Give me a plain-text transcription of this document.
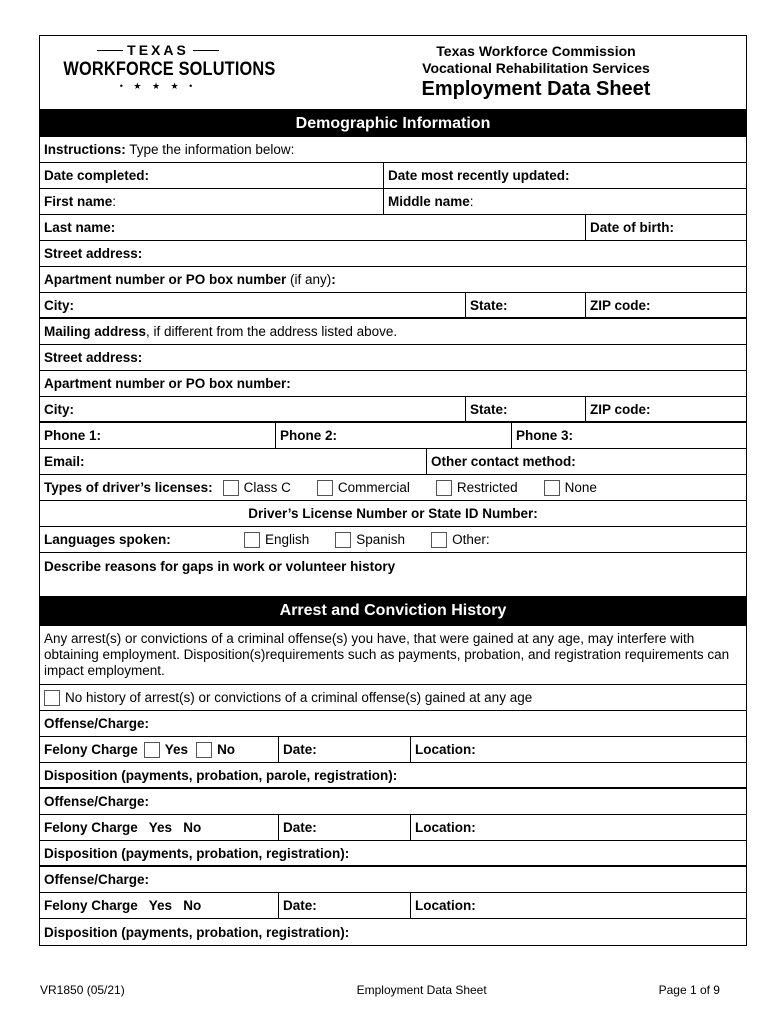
TEXAS
WORKFORCE SOLUTIONS
• ★ ★ ★ •
Texas Workforce Commission
Vocational Rehabilitation Services
Employment Data Sheet
Demographic Information
Instructions: Type the information below:
Date completed:	Date most recently updated:
First name :	Middle name :
Last name:	Date of birth:
Street address:
Apartment number or PO box number (if any) :
City:	State:	ZIP code:
Mailing address , if different from the address listed above.
Street address:
Apartment number or PO box number:
City:	State:	ZIP code:
Phone 1:	Phone 2:	Phone 3:
Email:	Other contact method:
Types of driver’s licenses: Class C	Commercial	Restricted	None
Driver’s License Number or State ID Number:
Languages spoken:	English	Spanish	Other:
Describe reasons for gaps in work or volunteer history
Arrest and Conviction History
Any arrest(s) or convictions of a criminal offense(s) you have, that were gained at any age, may interfere with obtaining employment. Disposition(s)requirements such as payments, probation, and registration requirements can impact employment.
No history of arrest(s) or convictions of a criminal offense(s) gained at any age
Offense/Charge:
Felony Charge Yes No	Date:	Location:
Disposition (payments, probation, parole, registration):
Offense/Charge:
Felony Charge   Yes   No	Date:	Location:
Disposition (payments, probation, registration):
Offense/Charge:
Felony Charge   Yes   No	Date:	Location:
Disposition (payments, probation, registration):
VR1850 (05/21)	Employment Data Sheet	Page 1 of 9
